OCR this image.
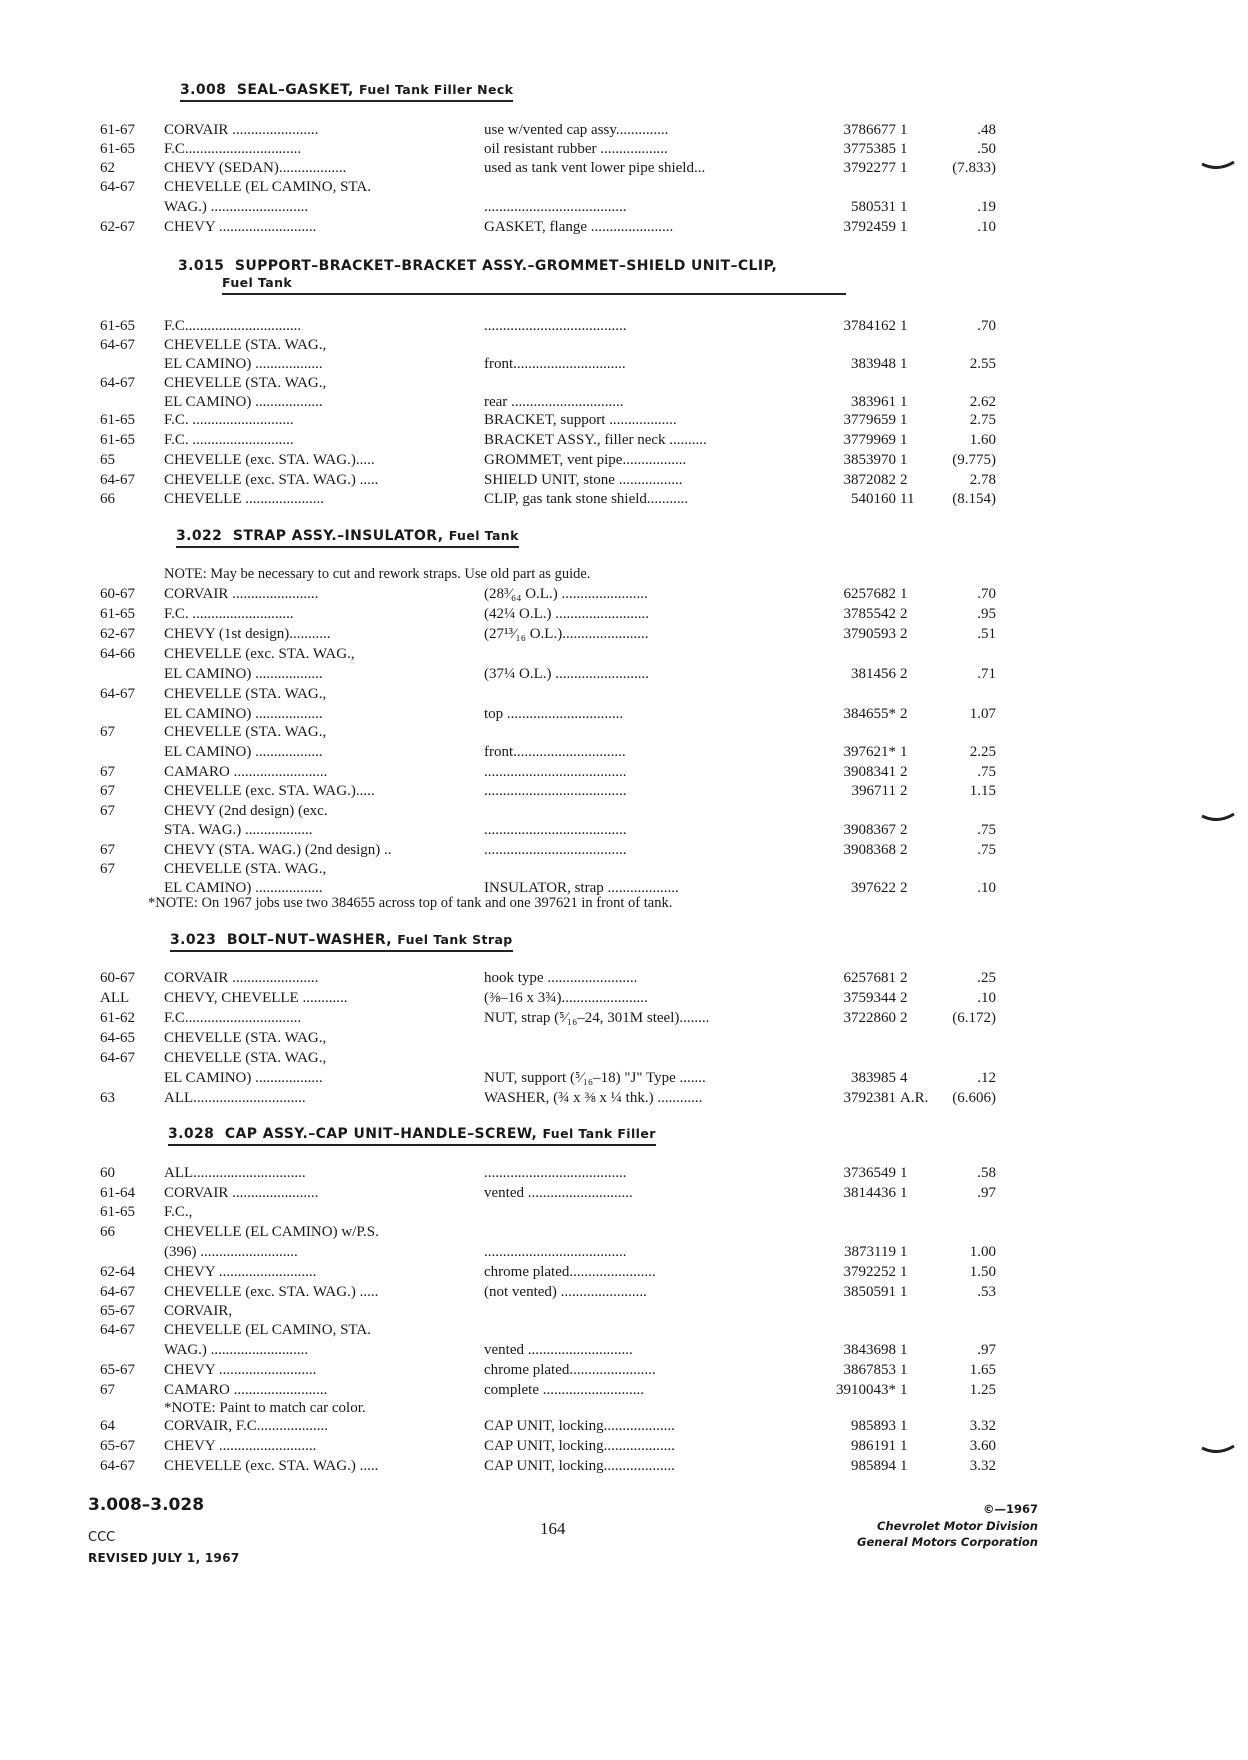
3.008 SEAL–GASKET, Fuel Tank Filler Neck
61-67 CORVAIR .......................	use w/vented cap assy..............	3786677 1	.48
61-65 F.C...............................	oil resistant rubber ..................	3775385 1	.50
62	CHEVY (SEDAN)..................	used as tank vent lower pipe shield...	3792277 1	(7.833)
64-67 CHEVELLE (EL CAMINO, STA.
WAG.) ..........................	......................................	580531 1	.19
62-67 CHEVY ..........................	GASKET, flange ......................	3792459 1	.10
3.015 SUPPORT–BRACKET–BRACKET ASSY.–GROMMET–SHIELD UNIT–CLIP,
Fuel Tank
61-65 F.C...............................	......................................	3784162 1	.70
64-67 CHEVELLE (STA. WAG.,
EL CAMINO) ..................	front..............................	383948 1	2.55
64-67 CHEVELLE (STA. WAG.,
EL CAMINO) ..................	rear ..............................	383961 1	2.62
61-65 F.C. ...........................	BRACKET, support ..................	3779659 1	2.75
61-65 F.C. ...........................	BRACKET ASSY., filler neck ..........	3779969 1	1.60
65	CHEVELLE (exc. STA. WAG.).....	GROMMET, vent pipe.................	3853970 1	(9.775)
64-67 CHEVELLE (exc. STA. WAG.) .....	SHIELD UNIT, stone .................	3872082 2	2.78
66	CHEVELLE .....................	CLIP, gas tank stone shield...........	540160 11	(8.154)
3.022 STRAP ASSY.–INSULATOR, Fuel Tank
NOTE: May be necessary to cut and rework straps. Use old part as guide.
60-67 CORVAIR .......................	(28³⁄₆₄ O.L.) .......................	6257682 1	.70
61-65 F.C. ...........................	(42¼ O.L.) .........................	3785542 2	.95
62-67 CHEVY (1st design)...........	(27¹³⁄₁₆ O.L.).......................	3790593 2	.51
64-66 CHEVELLE (exc. STA. WAG.,
EL CAMINO) ..................	(37¼ O.L.) .........................	381456 2	.71
64-67 CHEVELLE (STA. WAG.,
EL CAMINO) ..................	top ...............................	384655* 2	1.07
67	CHEVELLE (STA. WAG.,
EL CAMINO) ..................	front..............................	397621* 1	2.25
67	CAMARO .........................	......................................	3908341 2	.75
67	CHEVELLE (exc. STA. WAG.).....	......................................	396711 2	1.15
67	CHEVY (2nd design) (exc.
STA. WAG.) ..................	......................................	3908367 2	.75
67	CHEVY (STA. WAG.) (2nd design) ..	......................................	3908368 2	.75
67	CHEVELLE (STA. WAG.,
EL CAMINO) ..................	INSULATOR, strap ...................	397622 2	.10
*NOTE: On 1967 jobs use two 384655 across top of tank and one 397621 in front of tank.
3.023 BOLT–NUT–WASHER, Fuel Tank Strap
60-67 CORVAIR .......................	hook type ........................	6257681 2	.25
ALL CHEVY, CHEVELLE ............	(⅜–16 x 3¾).......................	3759344 2	.10
61-62 F.C...............................	NUT, strap (⁵⁄₁₆–24, 301M steel)........	3722860 2	(6.172)
64-65 CHEVELLE (STA. WAG.,
64-67 CHEVELLE (STA. WAG.,
EL CAMINO) ..................	NUT, support (⁵⁄₁₆–18) "J" Type .......	383985 4	.12
63	ALL..............................	WASHER, (¾ x ⅜ x ¼ thk.) ............	3792381 A.R. (6.606)
3.028 CAP ASSY.–CAP UNIT–HANDLE–SCREW, Fuel Tank Filler
60	ALL..............................	......................................	3736549 1	.58
61-64 CORVAIR .......................	vented ............................	3814436 1	.97
61-65 F.C.,
66	CHEVELLE (EL CAMINO) w/P.S.
(396) ..........................	......................................	3873119 1	1.00
62-64 CHEVY ..........................	chrome plated.......................	3792252 1	1.50
64-67 CHEVELLE (exc. STA. WAG.) .....	(not vented) .......................	3850591 1	.53
65-67 CORVAIR,
64-67 CHEVELLE (EL CAMINO, STA.
WAG.) ..........................	vented ............................	3843698 1	.97
65-67 CHEVY ..........................	chrome plated.......................	3867853 1	1.65
67	CAMARO .........................	complete ...........................	3910043* 1	1.25
*NOTE: Paint to match car color.
64	CORVAIR, F.C...................	CAP UNIT, locking...................	985893 1	3.32
65-67 CHEVY ..........................	CAP UNIT, locking...................	986191 1	3.60
64-67 CHEVELLE (exc. STA. WAG.) .....	CAP UNIT, locking...................	985894 1	3.32
3.008–3.028
CCC
REVISED JULY 1, 1967
164
©—1967
Chevrolet Motor Division
General Motors Corporation
